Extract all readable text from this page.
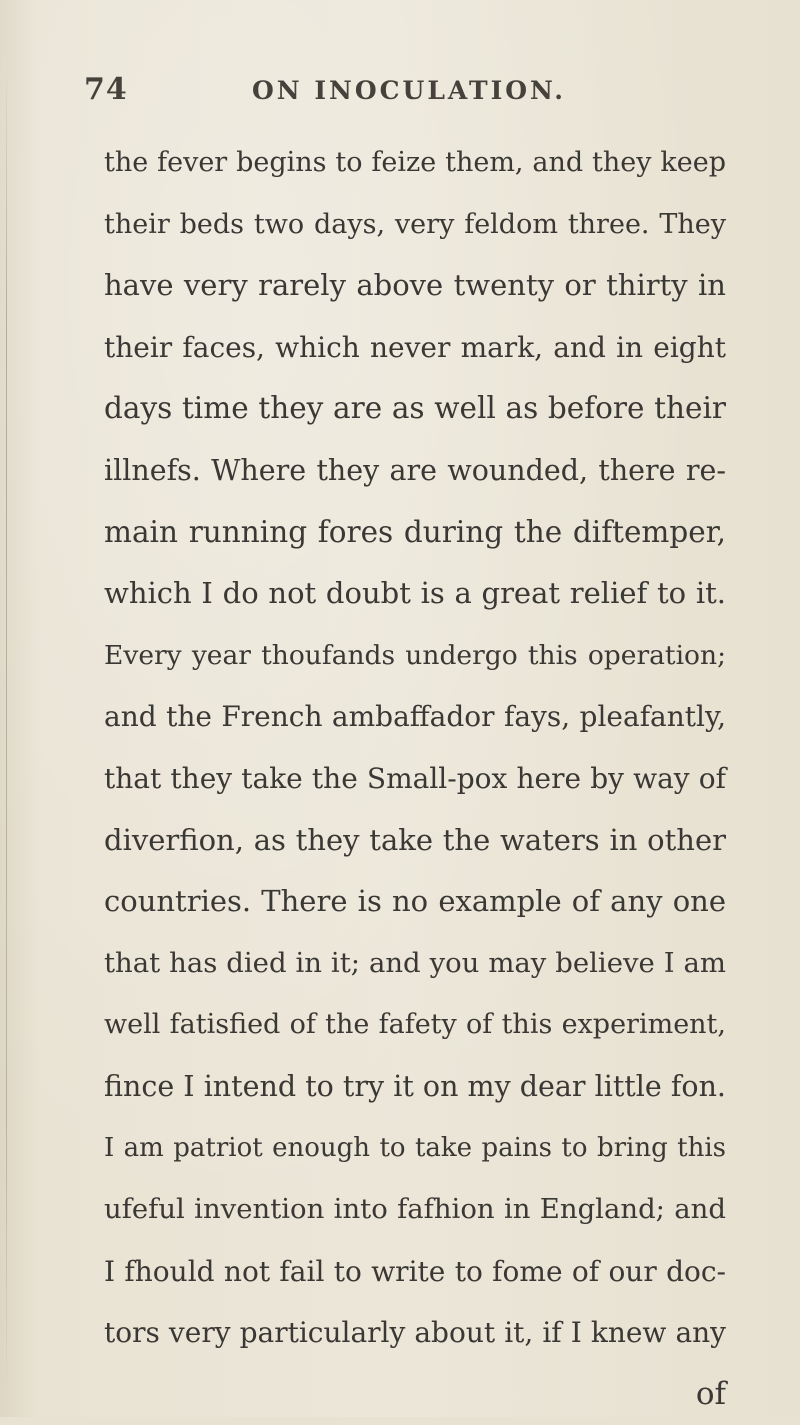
74	ON INOCULATION.
the fever begins to feize them, and they keep
their beds two days, very feldom three. They
have very rarely above twenty or thirty in
their faces, which never mark, and in eight
days time they are as well as before their
illnefs. Where they are wounded, there re-
main running fores during the diftemper,
which I do not doubt is a great relief to it.
Every year thoufands undergo this operation;
and the French ambaffador fays, pleafantly,
that they take the Small-pox here by way of
diverfion, as they take the waters in other
countries. There is no example of any one
that has died in it; and you may believe I am
well fatisfied of the fafety of this experiment,
fince I intend to try it on my dear little fon.
I am patriot enough to take pains to bring this
ufeful invention into fafhion in England; and
I fhould not fail to write to fome of our doc-
tors very particularly about it, if I knew any
of
